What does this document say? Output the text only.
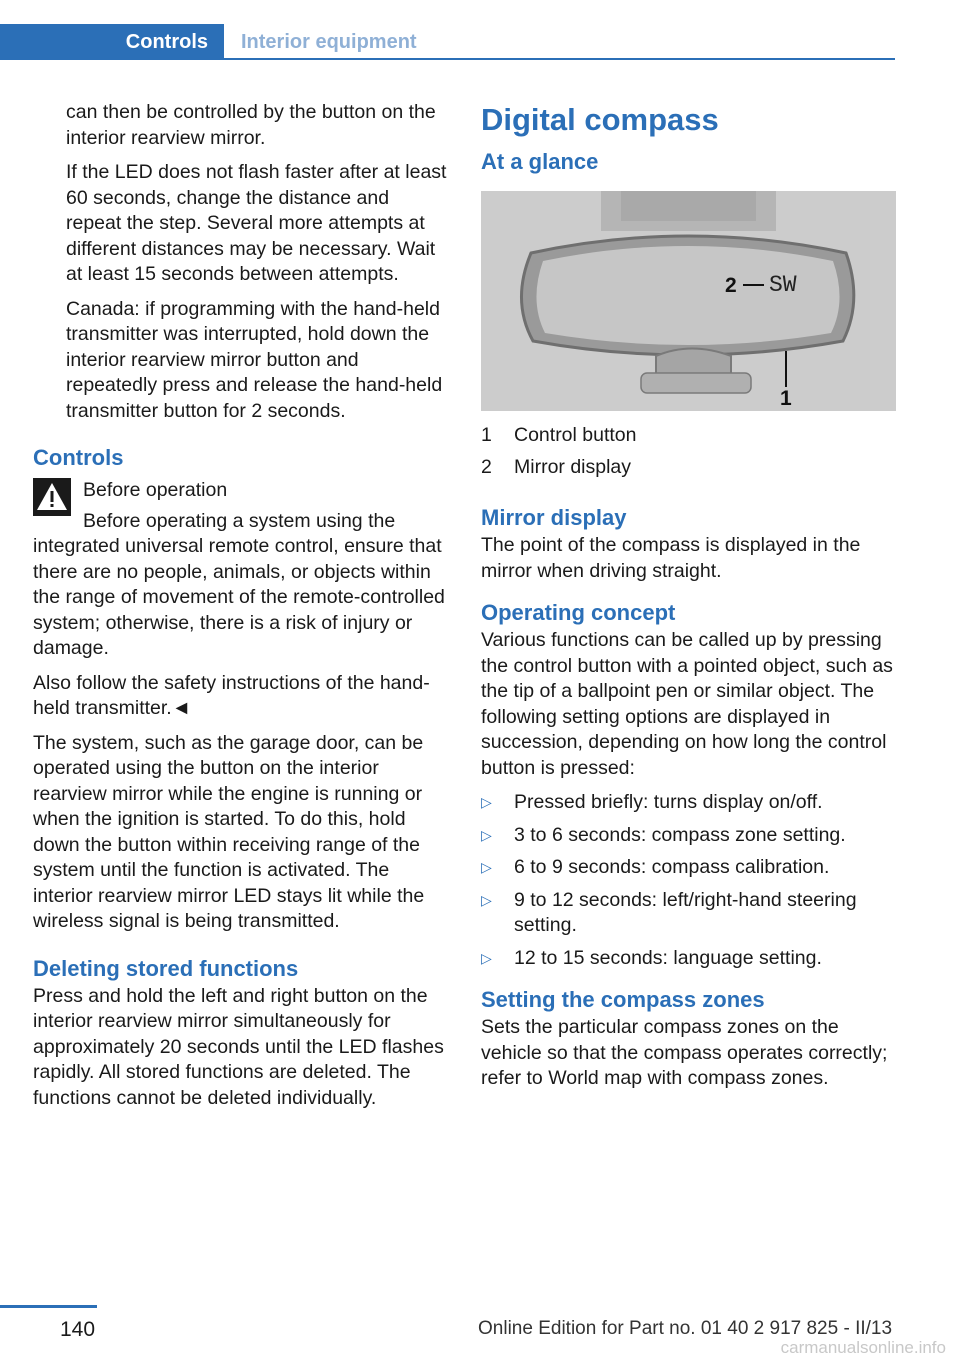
Controls	Interior equipment

can then be controlled by the button on the interior rearview mirror.

If the LED does not flash faster after at least 60 seconds, change the distance and repeat the step. Several more attempts at different distances may be necessary. Wait at least 15 seconds between attempts.

Canada: if programming with the hand-held transmitter was interrupted, hold down the interior rearview mirror button and repeatedly press and release the hand-held transmitter button for 2 seconds.

Controls

Before operation

Before operating a system using the integrated universal remote control, ensure that there are no people, animals, or objects within the range of movement of the remote-controlled system; otherwise, there is a risk of injury or damage.

Also follow the safety instructions of the hand-held transmitter.◄

The system, such as the garage door, can be operated using the button on the interior rearview mirror while the engine is running or when the ignition is started. To do this, hold down the button within receiving range of the system until the function is activated. The interior rearview mirror LED stays lit while the wireless signal is being transmitted.

Deleting stored functions

Press and hold the left and right button on the interior rearview mirror simultaneously for approximately 20 seconds until the LED flashes rapidly. All stored functions are deleted. The functions cannot be deleted individually.

Digital compass
At a glance
2 SW
1
1	Control button
2	Mirror display
Mirror display

The point of the compass is displayed in the mirror when driving straight.

Operating concept

Various functions can be called up by pressing the control button with a pointed object, such as the tip of a ballpoint pen or similar object. The following setting options are displayed in succession, depending on how long the control button is pressed:

▷	Pressed briefly: turns display on/off.
▷	3 to 6 seconds: compass zone setting.
▷	6 to 9 seconds: compass calibration.
▷	9 to 12 seconds: left/right-hand steering setting.
▷	12 to 15 seconds: language setting.
Setting the compass zones

Sets the particular compass zones on the vehicle so that the compass operates correctly; refer to World map with compass zones.

140	Online Edition for Part no. 01 40 2 917 825 - II/13
carmanualsonline.info
